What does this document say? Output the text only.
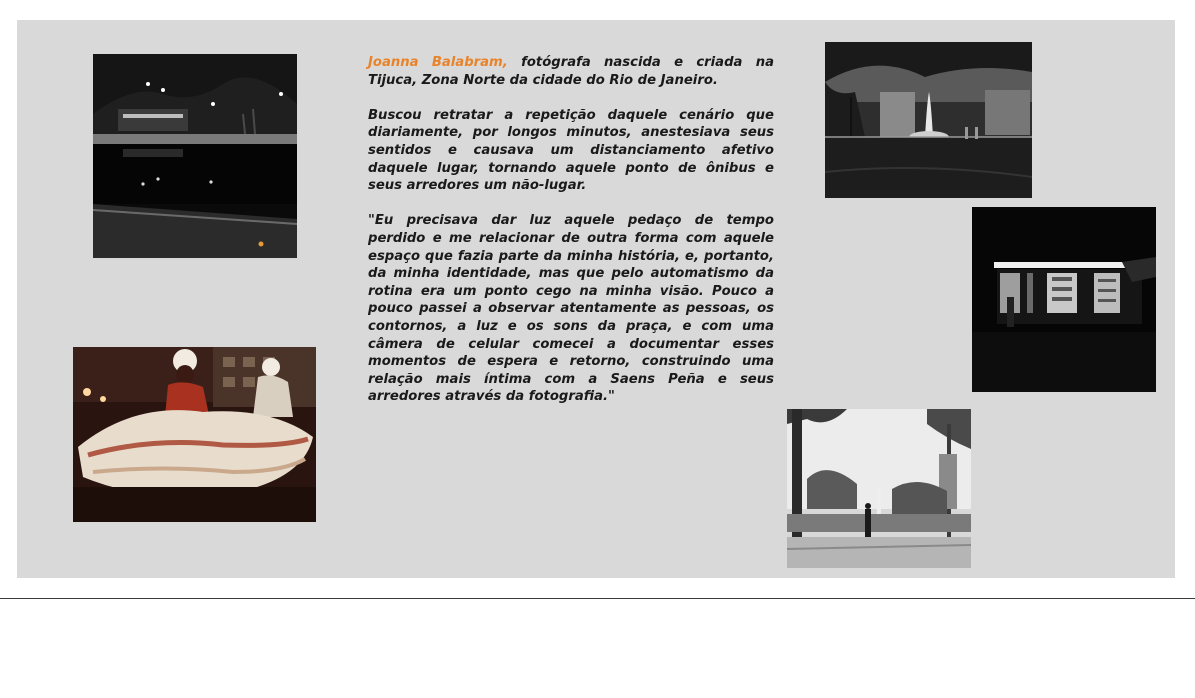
Joanna Balabram, fotógrafa nascida e criada na Tijuca, Zona Norte da cidade do Rio de Janeiro.

Buscou retratar a repetição daquele cenário que diariamente, por longos minutos, anestesiava seus sentidos e causava um distanciamento afetivo daquele lugar, tornando aquele ponto de ônibus e seus arredores um não-lugar.

"Eu precisava dar luz aquele pedaço de tempo perdido e me relacionar de outra forma com aquele espaço que fazia parte da minha história, e, portanto, da minha identidade, mas que pelo automatismo da rotina era um ponto cego na minha visão. Pouco a pouco passei a observar atentamente as pessoas, os contornos, a luz e os sons da praça, e com uma câmera de celular comecei a documentar esses momentos de espera e retorno, construindo uma relação mais íntima com a Saens Peña e seus arredores através da fotografia."
